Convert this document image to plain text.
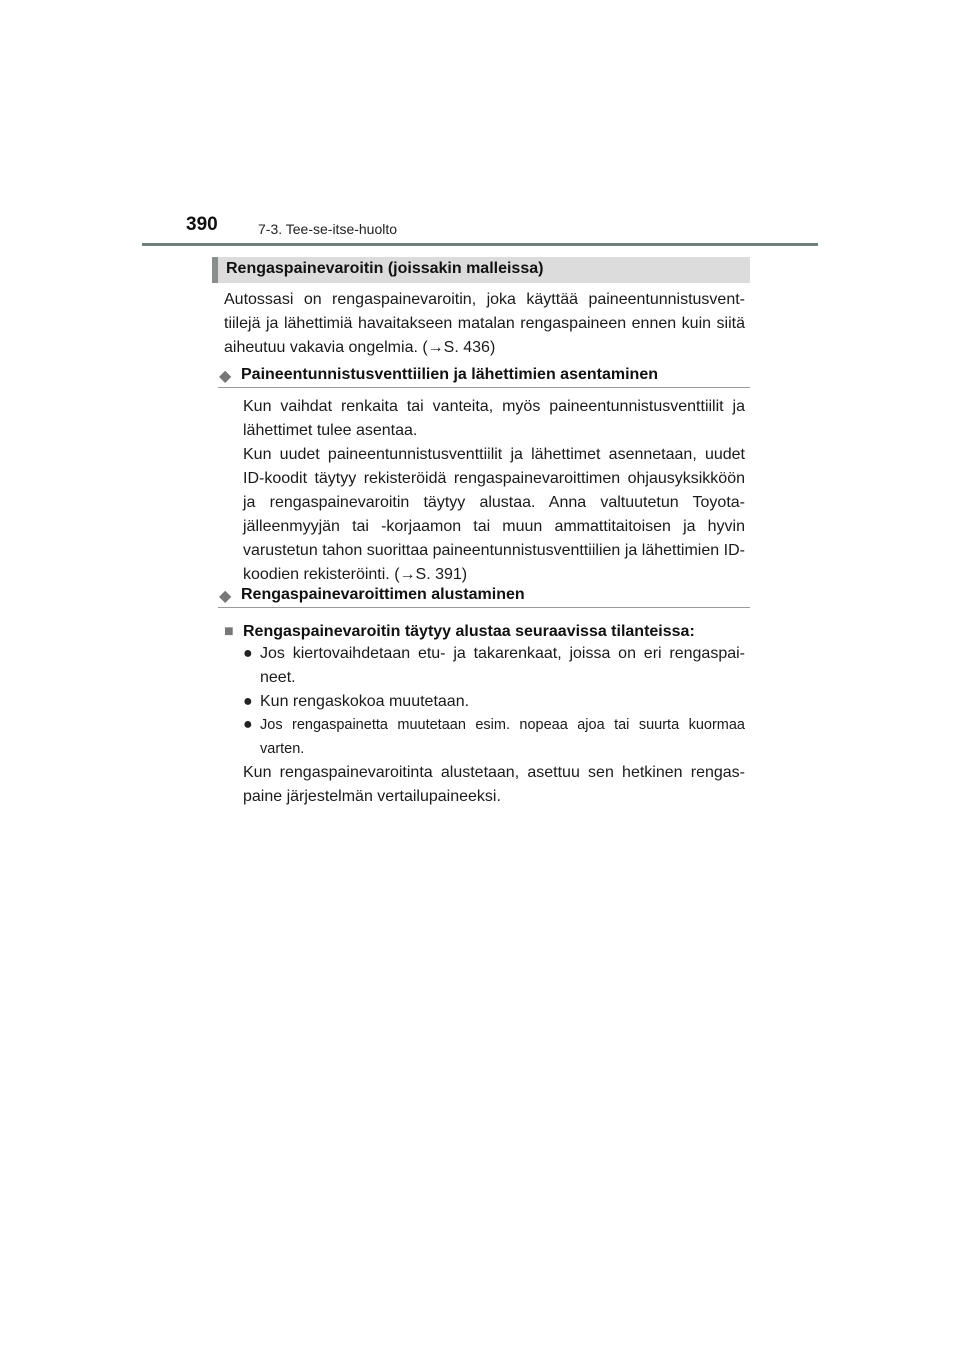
390	7-3. Tee-se-itse-huolto
Rengaspainevaroitin (joissakin malleissa)

Autossasi on rengaspainevaroitin, joka käyttää paineentunnistusventtiilejä ja lähettimiä havaitakseen matalan rengaspaineen ennen kuin siitä aiheutuu vakavia ongelmia. (→S. 436)

◆ Paineentunnistusventtiilien ja lähettimien asentaminen

Kun vaihdat renkaita tai vanteita, myös paineentunnistusventtiilit ja lähettimet tulee asentaa.

Kun uudet paineentunnistusventtiilit ja lähettimet asennetaan, uudet ID-koodit täytyy rekisteröidä rengaspainevaroittimen ohjausyksikköön ja rengaspainevaroitin täytyy alustaa. Anna valtuutetun Toyota-jälleenmyyjän tai -korjaamon tai muun ammattitaitoisen ja hyvin varustetun tahon suorittaa paineentunnistusventtiilien ja lähettimien ID-koodien rekisteröinti. (→S. 391)

◆ Rengaspainevaroittimen alustaminen
■ Rengaspainevaroitin täytyy alustaa seuraavissa tilanteissa:
● Jos kiertovaihdetaan etu- ja takarenkaat, joissa on eri rengaspaineet.

● Kun rengaskokoa muutetaan.

● Jos rengaspainetta muutetaan esim. nopeaa ajoa tai suurta kuormaa varten.

Kun rengaspainevaroitinta alustetaan, asettuu sen hetkinen rengaspaine järjestelmän vertailupaineeksi.
